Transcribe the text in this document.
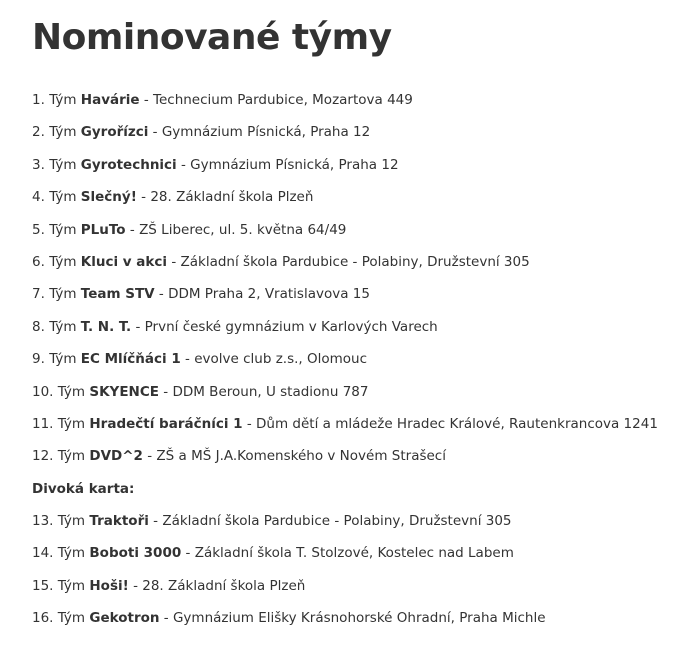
Nominované týmy
1. Tým Havárie - Technecium Pardubice, Mozartova 449
2. Tým Gyrořízci - Gymnázium Písnická, Praha 12
3. Tým Gyrotechnici - Gymnázium Písnická, Praha 12
4. Tým Slečný! - 28. Základní škola Plzeň
5. Tým PLuTo - ZŠ Liberec, ul. 5. května 64/49
6. Tým Kluci v akci - Základní škola Pardubice - Polabiny, Družstevní 305
7. Tým Team STV - DDM Praha 2, Vratislavova 15
8. Tým T. N. T. - První české gymnázium v Karlových Varech
9. Tým EC Mlíčňáci 1 - evolve club z.s., Olomouc
10. Tým SKYENCE - DDM Beroun, U stadionu 787
11. Tým Hradečtí baráčníci 1 - Dům dětí a mládeže Hradec Králové, Rautenkrancova 1241
12. Tým DVD^2 - ZŠ a MŠ J.A.Komenského v Novém Strašecí
Divoká karta:
13. Tým Traktoři - Základní škola Pardubice - Polabiny, Družstevní 305
14. Tým Boboti 3000 - Základní škola T. Stolzové, Kostelec nad Labem
15. Tým Hoši! - 28. Základní škola Plzeň
16. Tým Gekotron - Gymnázium Elišky Krásnohorské Ohradní, Praha Michle
